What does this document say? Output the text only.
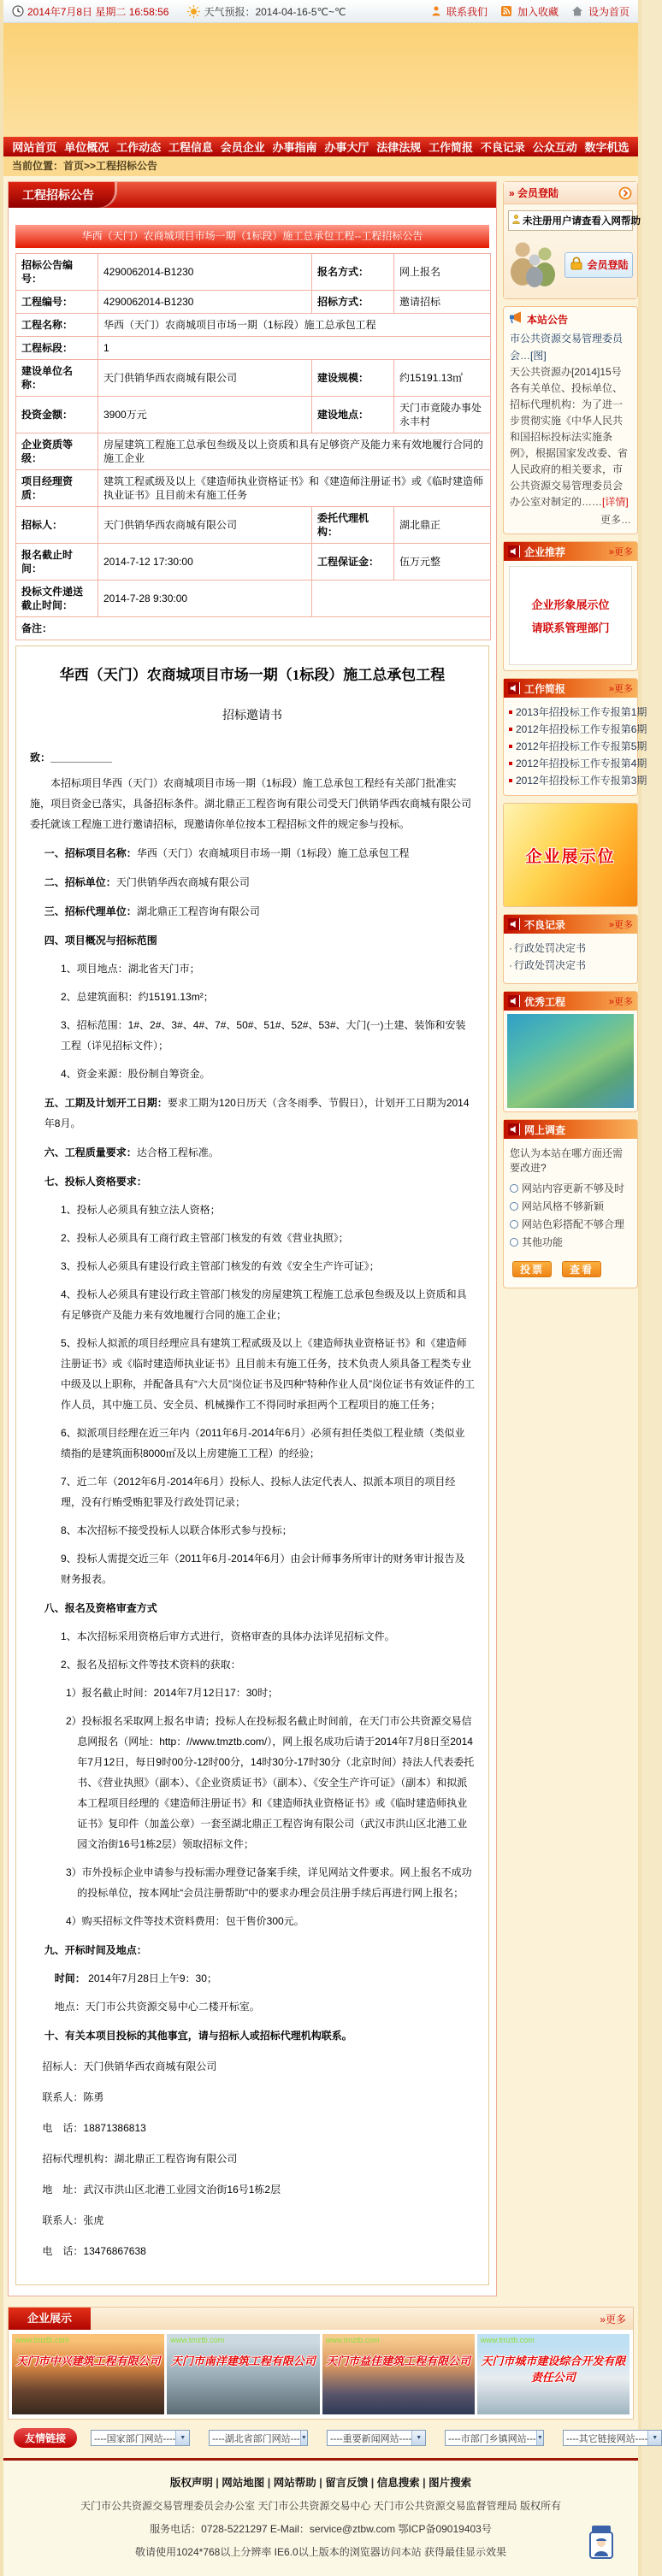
2014年7月8日 星期二 16:58:56	天气预报：2014-04-16-5℃~℃	联系我们	加入收藏	设为首页
网站首页 单位概况 工作动态 工程信息 会员企业 办事指南 办事大厅 法律法规 工作简报 不良记录 公众互动 数字机选
当前位置：首页>>工程招标公告
工程招标公告
华西（天门）农商城项目市场一期（1标段）施工总承包工程--工程招标公告
招标公告编号：	4290062014-B1230	报名方式：	网上报名
工程编号：	4290062014-B1230	招标方式：	邀请招标
工程名称：	华西（天门）农商城项目市场一期（1标段）施工总承包工程		
工程标段：	1		
建设单位名称：	天门供销华西农商城有限公司	建设规模：	约15191.13㎡
投资金额：	3900万元	建设地点：	天门市竟陵办事处永丰村
企业资质等级：	房屋建筑工程施工总承包叁级及以上资质和具有足够资产及能力来有效地履行合同的施工企业		
项目经理资质：	建筑工程贰级及以上《建造师执业资格证书》和《建造师注册证书》或《临时建造师执业证书》且目前未有施工任务		
招标人：	天门供销华西农商城有限公司	委托代理机构：	湖北鼎正
报名截止时间：	2014-7-12 17:30:00	工程保证金：	伍万元整
投标文件递送截止时间：	2014-7-28 9:30:00		
备注：			

华西（天门）农商城项目市场一期（1标段）施工总承包工程

招标邀请书

致：＿＿＿＿＿＿

本招标项目华西（天门）农商城项目市场一期（1标段）施工总承包工程经有关部门批准实施，项目资金已落实，具备招标条件。湖北鼎正工程咨询有限公司受天门供销华西农商城有限公司委托就该工程施工进行邀请招标，现邀请你单位按本工程招标文件的规定参与投标。

一、招标项目名称：华西（天门）农商城项目市场一期（1标段）施工总承包工程

二、招标单位：天门供销华西农商城有限公司

三、招标代理单位：湖北鼎正工程咨询有限公司

四、项目概况与招标范围

1、项目地点：湖北省天门市；

2、总建筑面积：约15191.13m²；

3、招标范围：1#、2#、3#、4#、7#、50#、51#、52#、53#、大门(一)土建、装饰和安装工程（详见招标文件）；

4、资金来源：股份制自筹资金。

五、工期及计划开工日期：要求工期为120日历天（含冬雨季、节假日），计划开工日期为2014年8月。

六、工程质量要求：达合格工程标准。

七、投标人资格要求：

1、投标人必须具有独立法人资格；

2、投标人必须具有工商行政主管部门核发的有效《营业执照》；

3、投标人必须具有建设行政主管部门核发的有效《安全生产许可证》；

4、投标人必须具有建设行政主管部门核发的房屋建筑工程施工总承包叁级及以上资质和具有足够资产及能力来有效地履行合同的施工企业；

5、投标人拟派的项目经理应具有建筑工程贰级及以上《建造师执业资格证书》和《建造师注册证书》或《临时建造师执业证书》且目前未有施工任务，技术负责人须具备工程类专业中级及以上职称，并配备具有“六大员”岗位证书及四种“特种作业人员”岗位证书有效证件的工作人员，其中施工员、安全员、机械操作工不得同时承担两个工程项目的施工任务；

6、拟派项目经理在近三年内（2011年6月-2014年6月）必须有担任类似工程业绩（类似业绩指的是建筑面积8000㎡及以上房建施工工程）的经验；

7、近二年（2012年6月-2014年6月）投标人、投标人法定代表人、拟派本项目的项目经理，没有行贿受贿犯罪及行政处罚记录；

8、本次招标不接受投标人以联合体形式参与投标；

9、投标人需提交近三年（2011年6月-2014年6月）由会计师事务所审计的财务审计报告及财务报表。

八、报名及资格审查方式

1、本次招标采用资格后审方式进行，资格审查的具体办法详见招标文件。

2、报名及招标文件等技术资料的获取：

1）报名截止时间：2014年7月12日17：30时；

2）投标报名采取网上报名申请；投标人在投标报名截止时间前，在天门市公共资源交易信息网报名（网址：http：//www.tmztb.com/），网上报名成功后请于2014年7月8日至2014年7月12日，每日9时00分-12时00分，14时30分-17时30分（北京时间）持法人代表委托书、《营业执照》（副本）、《企业资质证书》（副本）、《安全生产许可证》（副本）和拟派本工程项目经理的《建造师注册证书》和《建造师执业资格证书》或《临时建造师执业证书》复印件（加盖公章）一套至湖北鼎正工程咨询有限公司（武汉市洪山区北港工业园文治街16号1栋2层）领取招标文件；

3）市外投标企业申请参与投标需办理登记备案手续，详见网站文件要求。网上报名不成功的投标单位，按本网址“会员注册帮助”中的要求办理会员注册手续后再进行网上报名；

4）购买招标文件等技术资料费用：包干售价300元。

九、开标时间及地点：

时间： 2014年7月28日上午9：30；

地点：天门市公共资源交易中心二楼开标室。

十、有关本项目投标的其他事宜，请与招标人或招标代理机构联系。

招标人：天门供销华西农商城有限公司

联系人：陈勇

电　话：18871386813

招标代理机构：湖北鼎正工程咨询有限公司

地　址：武汉市洪山区北港工业园文治街16号1栋2层

联系人：张虎

电　话：13476867638

» 会员登陆
未注册用户请查看入网帮助
会员登陆
本站公告
市公共资源交易管理委员会…[图]
天公共资源办[2014]15号各有关单位、投标单位、招标代理机构：为了进一步贯彻实施《中华人民共和国招标投标法实施条例》，根据国家发改委、省人民政府的相关要求，市公共资源交易管理委员会办公室对制定的……[详情]
更多…
企业推荐	»更多
企业形象展示位
请联系管理部门
工作简报	»更多
2013年招投标工作专报第1期
2012年招投标工作专报第6期
2012年招投标工作专报第5期
2012年招投标工作专报第4期
2012年招投标工作专报第3期
企业展示位
不良记录	»更多
· 行政处罚决定书
· 行政处罚决定书
优秀工程	»更多
网上调查
您认为本站在哪方面还需要改进?
网站内容更新不够及时
网站风格不够新颖
网站色彩搭配不够合理
其他功能
投票	查看
企业展示	»更多
www.tmztb.com
天门市中兴建筑工程有限公司
www.tmztb.com
天门市南洋建筑工程有限公司
www.tmztb.com
天门市益佳建筑工程有限公司
www.tmztb.com
天门市城市建设综合开发有限责任公司
友情链接	----国家部门网站---- ▼	----湖北省部门网站--- ▼ ----重要新闻网站---- ▼	----市部门乡镇网站--- ▼ ----其它链接网站---- ▼
版权声明 | 网站地图 | 网站帮助 | 留言反馈 | 信息搜索 | 图片搜索
天门市公共资源交易管理委员会办公室 天门市公共资源交易中心 天门市公共资源交易监督管理局 版权所有
服务电话：0728-5221297 E-Mail：service@ztbw.com 鄂ICP备09019403号
敬请使用1024*768以上分辨率 IE6.0以上版本的浏览器访问本站 获得最佳显示效果
